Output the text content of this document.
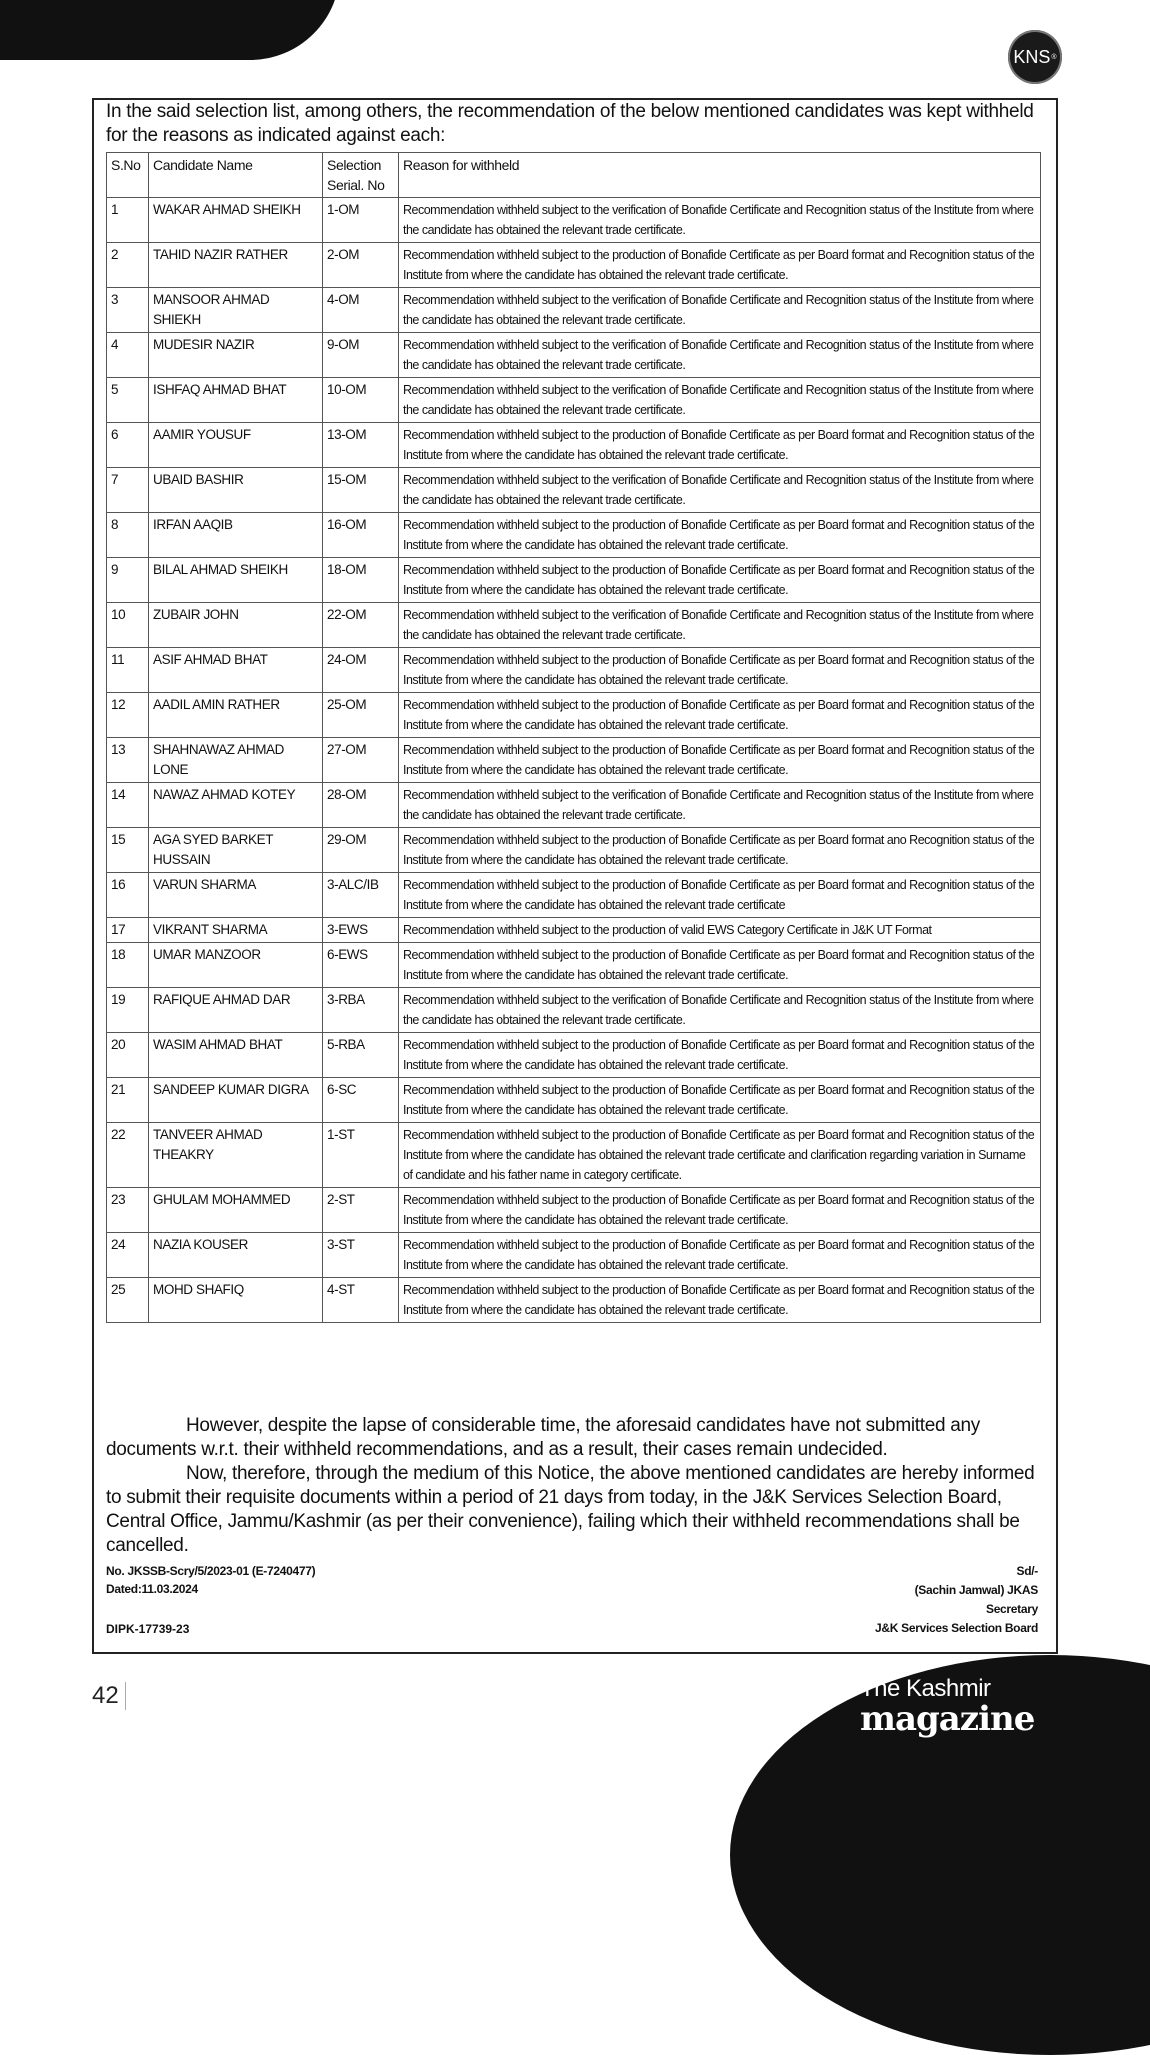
KNS ®
In the said selection list, among others, the recommendation of the below mentioned candidates was kept withheld for the reasons as indicated against each:
S.No	Candidate Name	Selection Serial. No	Reason for withheld
1	WAKAR AHMAD SHEIKH	1-OM	Recommendation withheld subject to the verification of Bonafide Certificate and Recognition status of the Institute from where the candidate has obtained the relevant trade certificate.
2	TAHID NAZIR RATHER	2-OM	Recommendation withheld subject to the production of Bonafide Certificate as per Board format and Recognition status of the Institute from where the candidate has obtained the relevant trade certificate.
3	MANSOOR AHMAD SHIEKH	4-OM	Recommendation withheld subject to the verification of Bonafide Certificate and Recognition status of the Institute from where the candidate has obtained the relevant trade certificate.
4	MUDESIR NAZIR	9-OM	Recommendation withheld subject to the verification of Bonafide Certificate and Recognition status of the Institute from where the candidate has obtained the relevant trade certificate.
5	ISHFAQ AHMAD BHAT	10-OM	Recommendation withheld subject to the verification of Bonafide Certificate and Recognition status of the Institute from where the candidate has obtained the relevant trade certificate.
6	AAMIR YOUSUF	13-OM	Recommendation withheld subject to the production of Bonafide Certificate as per Board format and Recognition status of the Institute from where the candidate has obtained the relevant trade certificate.
7	UBAID BASHIR	15-OM	Recommendation withheld subject to the verification of Bonafide Certificate and Recognition status of the Institute from where the candidate has obtained the relevant trade certificate.
8	IRFAN AAQIB	16-OM	Recommendation withheld subject to the production of Bonafide Certificate as per Board format and Recognition status of the Institute from where the candidate has obtained the relevant trade certificate.
9	BILAL AHMAD SHEIKH	18-OM	Recommendation withheld subject to the production of Bonafide Certificate as per Board format and Recognition status of the Institute from where the candidate has obtained the relevant trade certificate.
10	ZUBAIR JOHN	22-OM	Recommendation withheld subject to the verification of Bonafide Certificate and Recognition status of the Institute from where the candidate has obtained the relevant trade certificate.
11	ASIF AHMAD BHAT	24-OM	Recommendation withheld subject to the production of Bonafide Certificate as per Board format and Recognition status of the Institute from where the candidate has obtained the relevant trade certificate.
12	AADIL AMIN RATHER	25-OM	Recommendation withheld subject to the production of Bonafide Certificate as per Board format and Recognition status of the Institute from where the candidate has obtained the relevant trade certificate.
13	SHAHNAWAZ AHMAD LONE	27-OM	Recommendation withheld subject to the production of Bonafide Certificate as per Board format and Recognition status of the Institute from where the candidate has obtained the relevant trade certificate.
14	NAWAZ AHMAD KOTEY	28-OM	Recommendation withheld subject to the verification of Bonafide Certificate and Recognition status of the Institute from where the candidate has obtained the relevant trade certificate.
15	AGA SYED BARKET HUSSAIN	29-OM	Recommendation withheld subject to the production of Bonafide Certificate as per Board format ano Recognition status of the Institute from where the candidate has obtained the relevant trade certificate.
16	VARUN SHARMA	3-ALC/IB	Recommendation withheld subject to the production of Bonafide Certificate as per Board format and Recognition status of the Institute from where the candidate has obtained the relevant trade certificate
17	VIKRANT SHARMA	3-EWS	Recommendation withheld subject to the production of valid EWS Category Certificate in J&K UT Format
18	UMAR MANZOOR	6-EWS	Recommendation withheld subject to the production of Bonafide Certificate as per Board format and Recognition status of the Institute from where the candidate has obtained the relevant trade certificate.
19	RAFIQUE AHMAD DAR	3-RBA	Recommendation withheld subject to the verification of Bonafide Certificate and Recognition status of the Institute from where the candidate has obtained the relevant trade certificate.
20	WASIM AHMAD BHAT	5-RBA	Recommendation withheld subject to the production of Bonafide Certificate as per Board format and Recognition status of the Institute from where the candidate has obtained the relevant trade certificate.
21	SANDEEP KUMAR DIGRA	6-SC	Recommendation withheld subject to the production of Bonafide Certificate as per Board format and Recognition status of the Institute from where the candidate has obtained the relevant trade certificate.
22	TANVEER AHMAD THEAKRY	1-ST	Recommendation withheld subject to the production of Bonafide Certificate as per Board format and Recognition status of the Institute from where the candidate has obtained the relevant trade certificate and clarification regarding variation in Surname of candidate and his father name in category certificate.
23	GHULAM MOHAMMED	2-ST	Recommendation withheld subject to the production of Bonafide Certificate as per Board format and Recognition status of the Institute from where the candidate has obtained the relevant trade certificate.
24	NAZIA KOUSER	3-ST	Recommendation withheld subject to the production of Bonafide Certificate as per Board format and Recognition status of the Institute from where the candidate has obtained the relevant trade certificate.
25	MOHD SHAFIQ	4-ST	Recommendation withheld subject to the production of Bonafide Certificate as per Board format and Recognition status of the Institute from where the candidate has obtained the relevant trade certificate.

However, despite the lapse of considerable time, the aforesaid candidates have not submitted any documents w.r.t. their withheld recommendations, and as a result, their cases remain undecided.

Now, therefore, through the medium of this Notice, the above mentioned candidates are hereby informed to submit their requisite documents within a period of 21 days from today, in the J&K Services Selection Board, Central Office, Jammu/Kashmir (as per their convenience), failing which their withheld recommendations shall be cancelled.

No. JKSSB-Scry/5/2023-01 (E-7240477)
Dated:11.03.2024
DIPK-17739-23
Sd/-
(Sachin Jamwal) JKAS
Secretary
J&K Services Selection Board
42	The Kashmir
magazine
